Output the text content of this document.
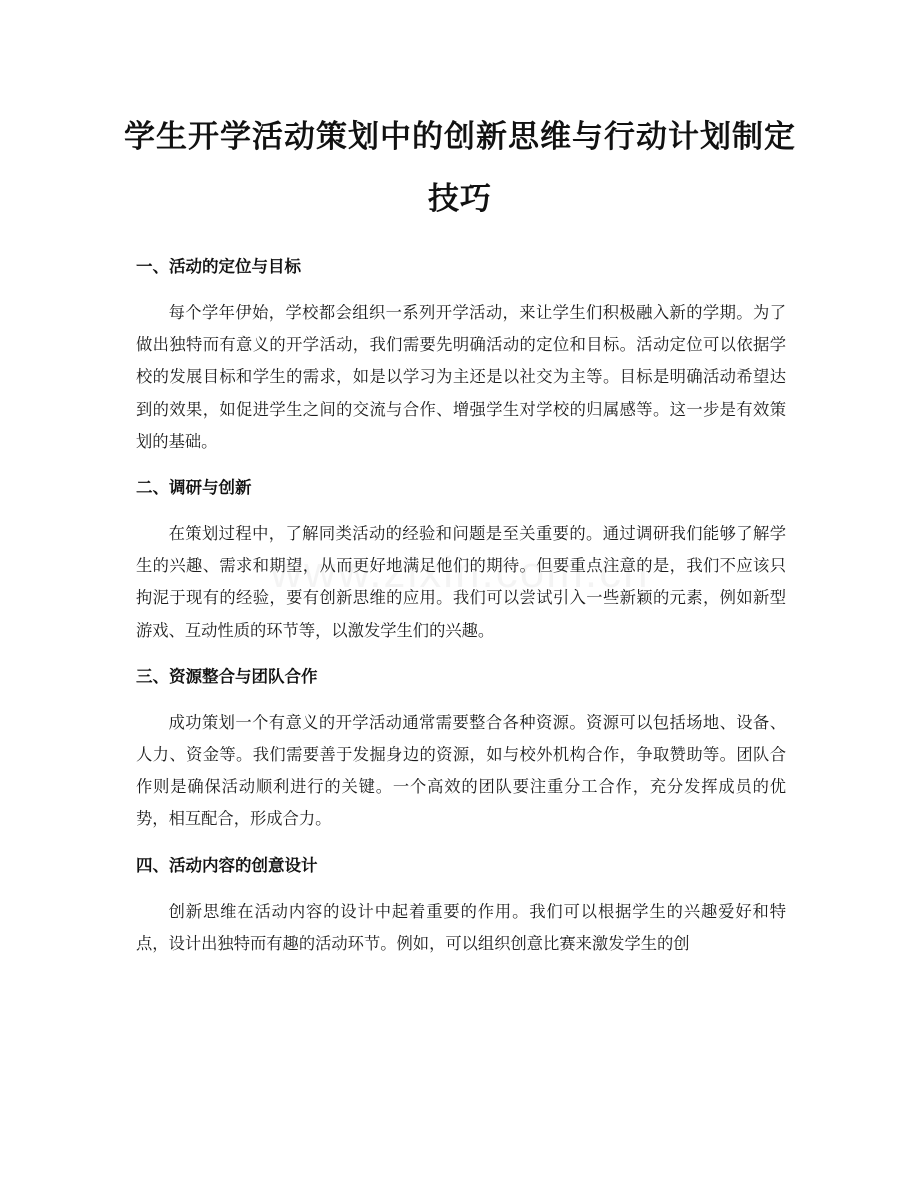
学生开学活动策划中的创新思维与行动计划制定技巧
一、活动的定位与目标

每个学年伊始，学校都会组织一系列开学活动，来让学生们积极融入新的学期。为了做出独特而有意义的开学活动，我们需要先明确活动的定位和目标。活动定位可以依据学校的发展目标和学生的需求，如是以学习为主还是以社交为主等。目标是明确活动希望达到的效果，如促进学生之间的交流与合作、增强学生对学校的归属感等。这一步是有效策划的基础。

二、调研与创新

在策划过程中，了解同类活动的经验和问题是至关重要的。通过调研我们能够了解学生的兴趣、需求和期望，从而更好地满足他们的期待。但要重点注意的是，我们不应该只拘泥于现有的经验，要有创新思维的应用。我们可以尝试引入一些新颖的元素，例如新型游戏、互动性质的环节等，以激发学生们的兴趣。

三、资源整合与团队合作

成功策划一个有意义的开学活动通常需要整合各种资源。资源可以包括场地、设备、人力、资金等。我们需要善于发掘身边的资源，如与校外机构合作，争取赞助等。团队合作则是确保活动顺利进行的关键。一个高效的团队要注重分工合作，充分发挥成员的优势，相互配合，形成合力。

四、活动内容的创意设计

创新思维在活动内容的设计中起着重要的作用。我们可以根据学生的兴趣爱好和特点，设计出独特而有趣的活动环节。例如，可以组织创意比赛来激发学生的创
